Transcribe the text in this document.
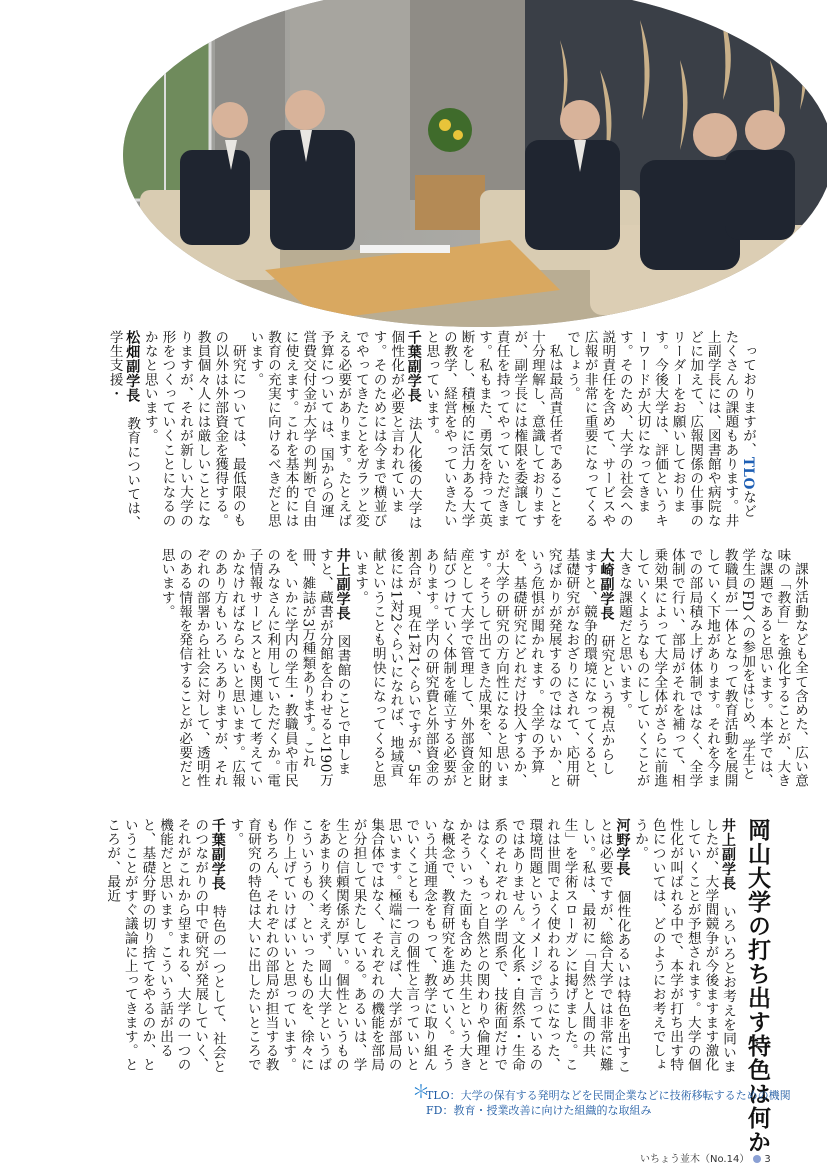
っておりますが、TLOなどたくさんの課題もあります。井上副学長には、図書館や病院などに加えて、広報関係の仕事のリーダーをお願いしております。今後大学は、評価というキーワードが大切になってきます。そのため、大学の社会への説明責任を含めて、サービスや広報が非常に重要になってくるでしょう。

私は最高責任者であることを十分理解し、意識しておりますが、副学長には権限を委譲して責任を持ってやっていただきます。私もまた、勇気を持って英断をし、積極的に活力ある大学の教学、経営をやっていきたいと思っています。

千葉副学長　法人化後の大学は個性化が必要と言われています。そのためには今まで横並びでやってきたことをガラッと変える必要があります。たとえば予算について は、国からの運営費交付金が大学の判断で自由に使えます。これを基本的には教育の充実に向けるべきだと思います。

研究については、最低限のもの以外は外部資金を獲得する。教員個々人には厳しいことになりますが、それが新しい大学の形をつくっていくことになるのかなと思います。

松畑副学長　教育については、学生支援・

課外活動なども全て含めた、広い意味の「教育」を強化することが、大きな課題であると思います。本学では、学生のFDへの参加をはじめ、学生と教職員が一体となって教育活動を展開していく下地があります。それを今までの部局積み上げ体制ではなく、全学体制で行い、部局がそれを補って、相乗効果によって大学全体がさらに前進していくようなものにしていくことが大きな課題だと思います。

大崎副学長　研究という視点からしますと、競争的環境になってくると、基礎研究がなおざりにされて、応用研究ばかりが発展するのではないか、という危惧が聞かれます。全学の予算を、基礎研究にどれだけ投入するか、が大学の研究の方向性になると思います。そうして出てきた成果を、知的財産として大学で管理して、外部資金と結びつけていく体制を確立する必要があります。学内の研究費と外部資金の割合が、現在1対1ぐらいですが、5年後には1対2ぐらいになれば、地域貢献ということも明快になってくると思います。

井上副学長　図書館のことで申しますと、蔵書が分館を合わせると190万冊、雑誌が3万種類あります。これを、いかに学内の学生・教職員や市民のみなさんに利用していただくか。電子情報サービスとも関連して考えていかなければならないと思います。広報のあり方もいろいろありますが、それぞれの部署から社会に対して、透明性のある情報を発信することが必要だと思います。

岡山大学の打ち出す特色は何か

井上副学長　いろいろとお考えを同いましたが、大学間競争が今後ますます激化していくことが予想されます。大学の個性化が叫ばれる中で、本学が打ち出す特色については、どのようにお考えでしょうか。

河野学長　個性化あるいは特色を出すことは必要ですが、総合大学では非常に難しい。私は、最初に「自然と人間の共生」を学術スローガンに掲げました。これは世間でよく使われるようになった、環境問題というイメージで言っているのではありません。文化系・自然系・生命系のそれぞれの学問系で、技術面だけではなく、もっと自然との関わりや倫理とかそういった面も含めた共生という大きな概念で、教育研究を進めていく。そういう共通理念をもって、教学に取り組んでいくことも一つの個性と言っていいと思います。極端に言えば、大学が部局の集合体ではなく、それぞれの機能を部局が分担して果たしている。あるいは、学生との信頼関係が厚い。個性というものをあまり狭く考えず、岡山大学というばこういうもの、といったものを、徐々に作り上げていけばいいと思っています。もちろん、それぞれの部局が担当する教育研究の特色は大いに出したいところです。

千葉副学長　特色の一つとして、社会とのつながりの中で研究が発展していく、それがこれから望まれる、大学の一つの機能だと思います。こういう話が出ると、基礎分野の切り捨てをやるのか、ということがすぐ議論に上ってきます。ところが、最近

＊
TLO：大学の保有する発明などを民間企業などに技術移転するための機関
FD：教育・授業改善に向けた組織的な取組み
いちょう並木（No.14） 3
